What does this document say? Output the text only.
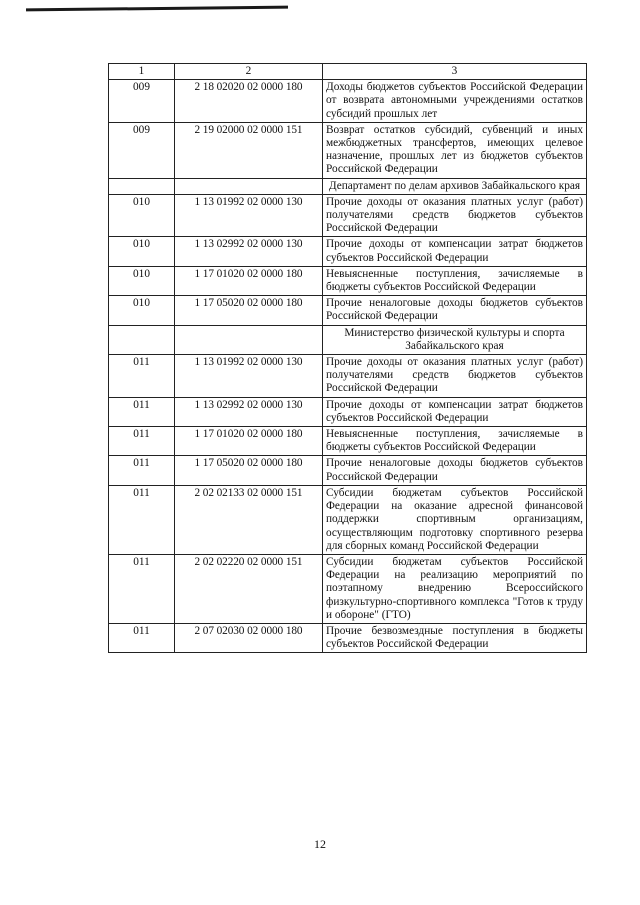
1	2	3
009	2 18 02020 02 0000 180	Доходы бюджетов субъектов Российской Федерации от возврата автономными учреждениями остатков субсидий прошлых лет
009	2 19 02000 02 0000 151	Возврат остатков субсидий, субвенций и иных межбюджетных трансфертов, имеющих целевое назначение, прошлых лет из бюджетов субъектов Российской Федерации
		Департамент по делам архивов Забайкальского края
010	1 13 01992 02 0000 130	Прочие доходы от оказания платных услуг (работ) получателями средств бюджетов субъектов Российской Федерации
010	1 13 02992 02 0000 130	Прочие доходы от компенсации затрат бюджетов субъектов Российской Федерации
010	1 17 01020 02 0000 180	Невыясненные поступления, зачисляемые в бюджеты субъектов Российской Федерации
010	1 17 05020 02 0000 180	Прочие неналоговые доходы бюджетов субъектов Российской Федерации
		Министерство физической культуры и спорта Забайкальского края
011	1 13 01992 02 0000 130	Прочие доходы от оказания платных услуг (работ) получателями средств бюджетов субъектов Российской Федерации
011	1 13 02992 02 0000 130	Прочие доходы от компенсации затрат бюджетов субъектов Российской Федерации
011	1 17 01020 02 0000 180	Невыясненные поступления, зачисляемые в бюджеты субъектов Российской Федерации
011	1 17 05020 02 0000 180	Прочие неналоговые доходы бюджетов субъектов Российской Федерации
011	2 02 02133 02 0000 151	Субсидии бюджетам субъектов Российской Федерации на оказание адресной финансовой поддержки спортивным организациям, осуществляющим подготовку спортивного резерва для сборных команд Российской Федерации
011	2 02 02220 02 0000 151	Субсидии бюджетам субъектов Российской Федерации на реализацию мероприятий по поэтапному внедрению Всероссийского физкультурно-спортивного комплекса "Готов к труду и обороне" (ГТО)
011	2 07 02030 02 0000 180	Прочие безвозмездные поступления в бюджеты субъектов Российской Федерации
12
